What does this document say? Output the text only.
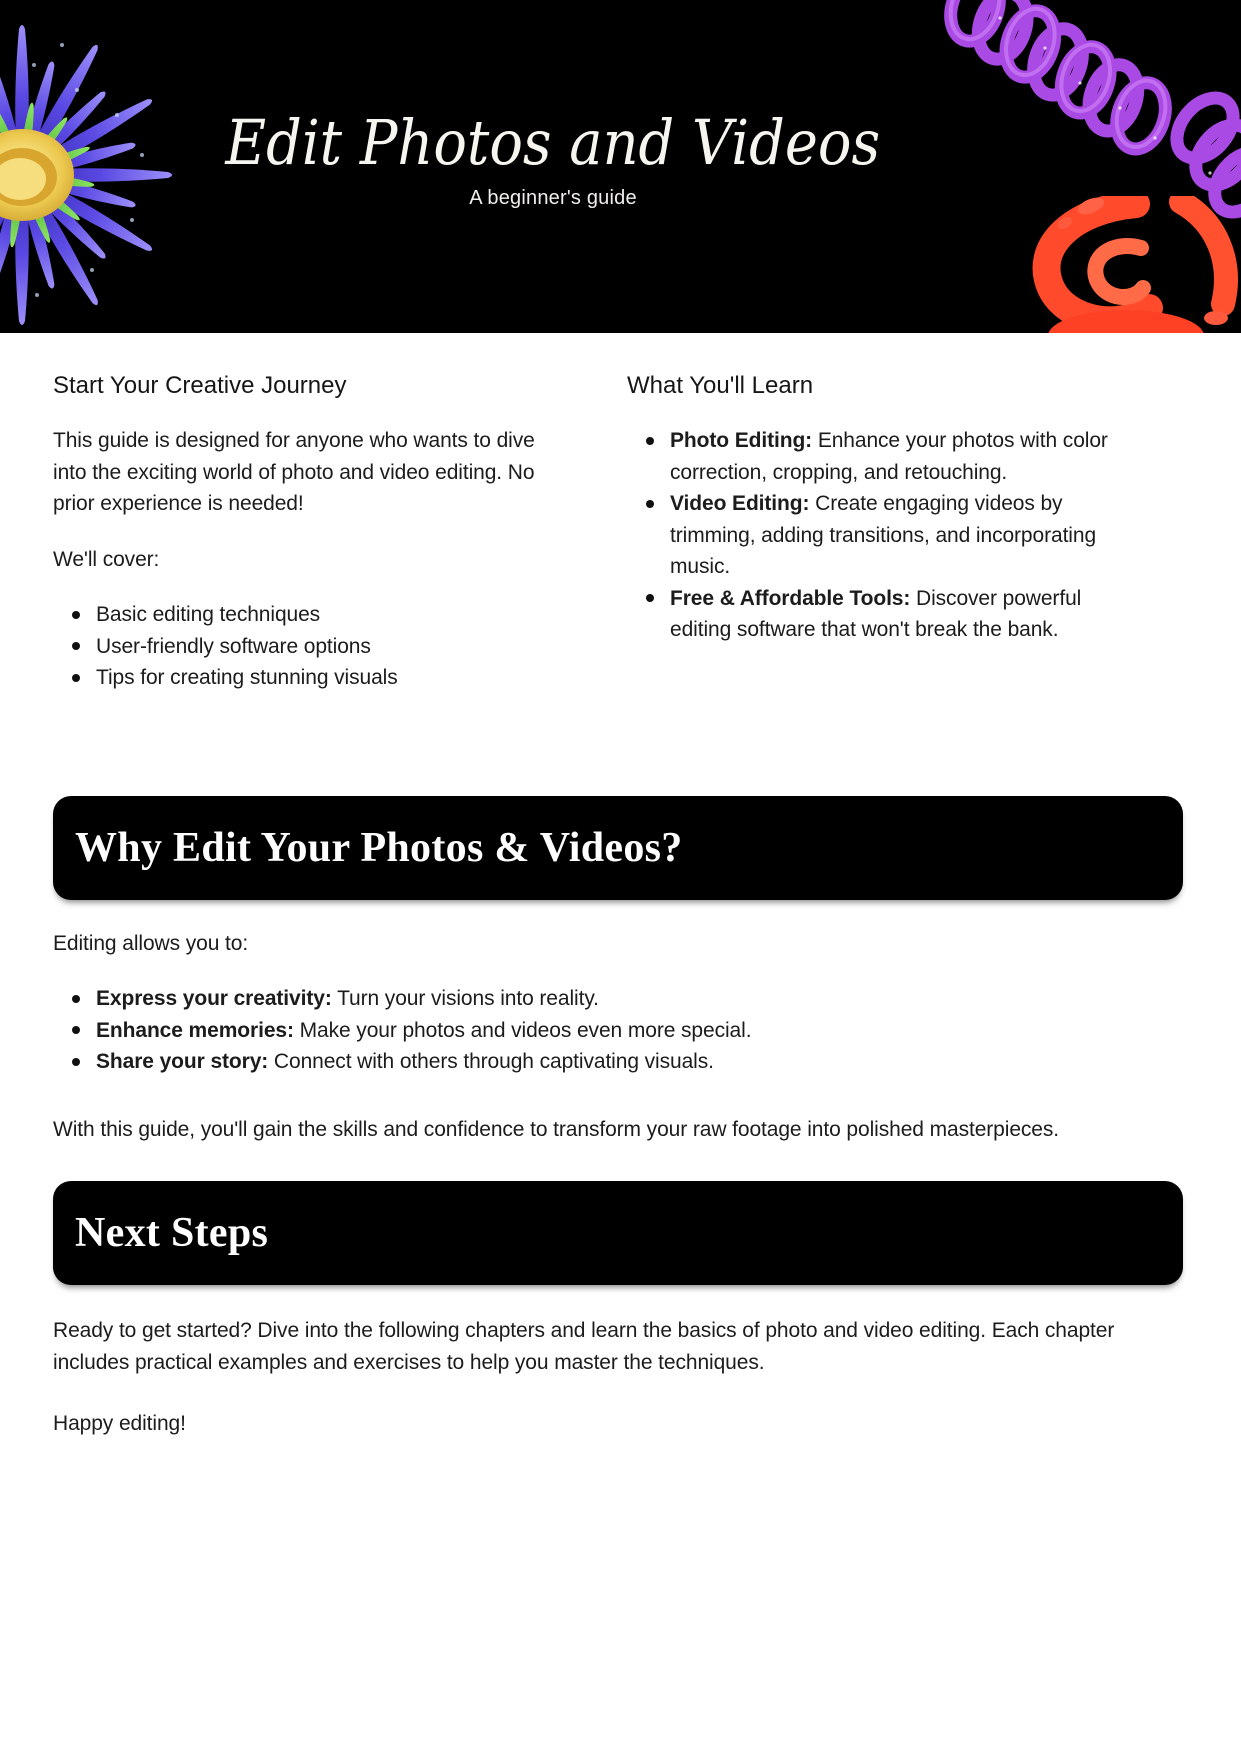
Edit Photos and Videos
A beginner's guide
Start Your Creative Journey

This guide is designed for anyone who wants to dive into the exciting world of photo and video editing. No prior experience is needed!

We'll cover:

Basic editing techniques
User-friendly software options
Tips for creating stunning visuals
What You'll Learn
Photo Editing: Enhance your photos with color correction, cropping, and retouching.
Video Editing: Create engaging videos by trimming, adding transitions, and incorporating music.
Free & Affordable Tools: Discover powerful editing software that won't break the bank.
Why Edit Your Photos & Videos?

Editing allows you to:

Express your creativity: Turn your visions into reality.
Enhance memories: Make your photos and videos even more special.
Share your story: Connect with others through captivating visuals.

With this guide, you'll gain the skills and confidence to transform your raw footage into polished masterpieces.

Next Steps

Ready to get started? Dive into the following chapters and learn the basics of photo and video editing. Each chapter includes practical examples and exercises to help you master the techniques.

Happy editing!
